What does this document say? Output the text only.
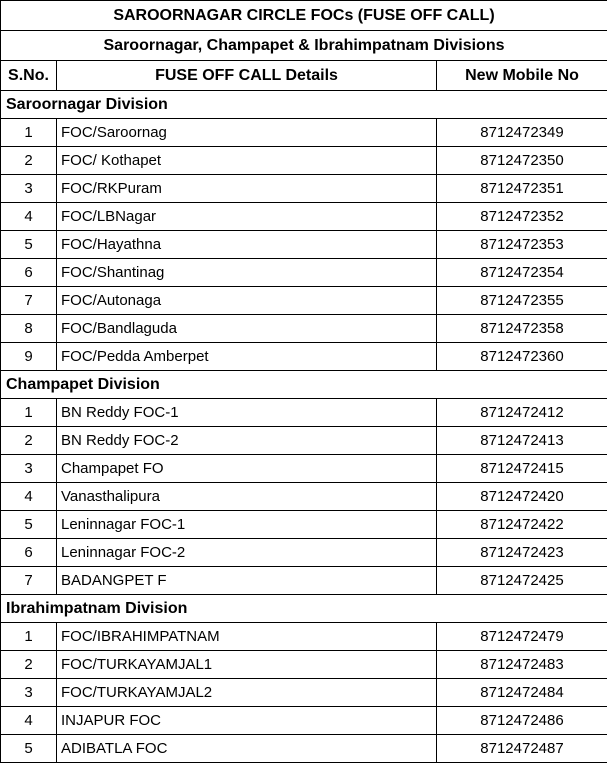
SAROORNAGAR CIRCLE FOCs (FUSE OFF CALL)		
Saroornagar, Champapet & Ibrahimpatnam Divisions		
S.No.	FUSE OFF CALL Details	New Mobile No
Saroornagar Division		
1	FOC/Saroornag	8712472349
2	FOC/ Kothapet	8712472350
3	FOC/RKPuram	8712472351
4	FOC/LBNagar	8712472352
5	FOC/Hayathna	8712472353
6	FOC/Shantinag	8712472354
7	FOC/Autonaga	8712472355
8	FOC/Bandlaguda	8712472358
9	FOC/Pedda Amberpet	8712472360
Champapet Division		
1	BN Reddy FOC-1	8712472412
2	BN Reddy FOC-2	8712472413
3	Champapet FO	8712472415
4	Vanasthalipura	8712472420
5	Leninnagar FOC-1	8712472422
6	Leninnagar FOC-2	8712472423
7	BADANGPET F	8712472425
Ibrahimpatnam Division		
1	FOC/IBRAHIMPATNAM	8712472479
2	FOC/TURKAYAMJAL1	8712472483
3	FOC/TURKAYAMJAL2	8712472484
4	INJAPUR FOC	8712472486
5	ADIBATLA FOC	8712472487
